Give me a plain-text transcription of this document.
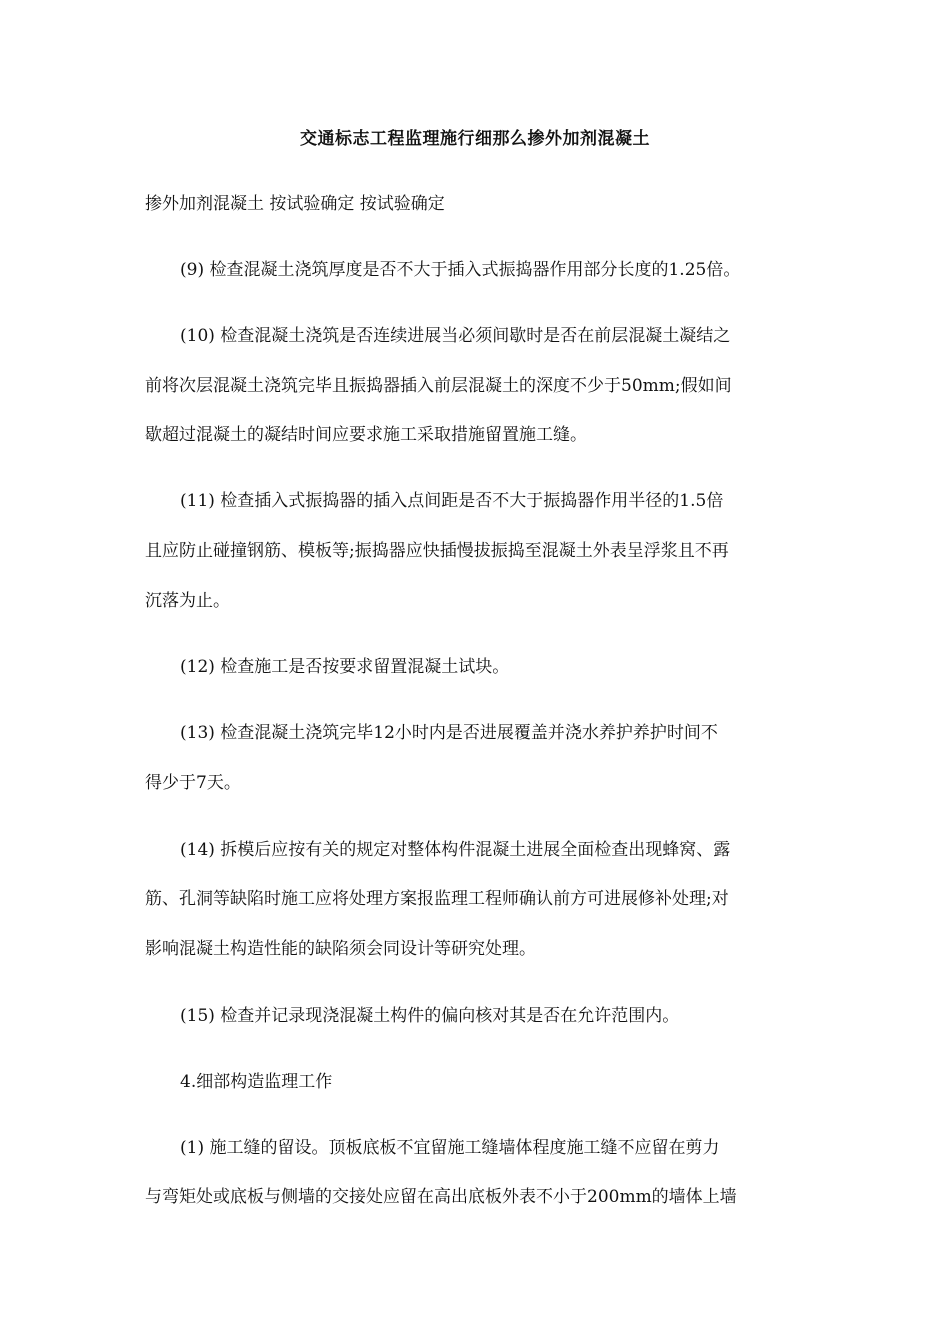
交通标志工程监理施行细那么掺外加剂混凝土
掺外加剂混凝土 按试验确定 按试验确定
(9) 检查混凝土浇筑厚度是否不大于插入式振捣器作用部分长度的1.25倍。
(10) 检查混凝土浇筑是否连续进展当必须间歇时是否在前层混凝土凝结之
前将次层混凝土浇筑完毕且振捣器插入前层混凝土的深度不少于50mm;假如间
歇超过混凝土的凝结时间应要求施工采取措施留置施工缝。
(11) 检查插入式振捣器的插入点间距是否不大于振捣器作用半径的1.5倍
且应防止碰撞钢筋、模板等;振捣器应快插慢拔振捣至混凝土外表呈浮浆且不再
沉落为止。
(12) 检查施工是否按要求留置混凝土试块。
(13) 检查混凝土浇筑完毕12小时内是否进展覆盖并浇水养护养护时间不
得少于7天。
(14) 拆模后应按有关的规定对整体构件混凝土进展全面检查出现蜂窝、露
筋、孔洞等缺陷时施工应将处理方案报监理工程师确认前方可进展修补处理;对
影响混凝土构造性能的缺陷须会同设计等研究处理。
(15) 检查并记录现浇混凝土构件的偏向核对其是否在允许范围内。
4.细部构造监理工作
(1) 施工缝的留设。顶板底板不宜留施工缝墙体程度施工缝不应留在剪力
与弯矩处或底板与侧墙的交接处应留在高出底板外表不小于200mm的墙体上墙
